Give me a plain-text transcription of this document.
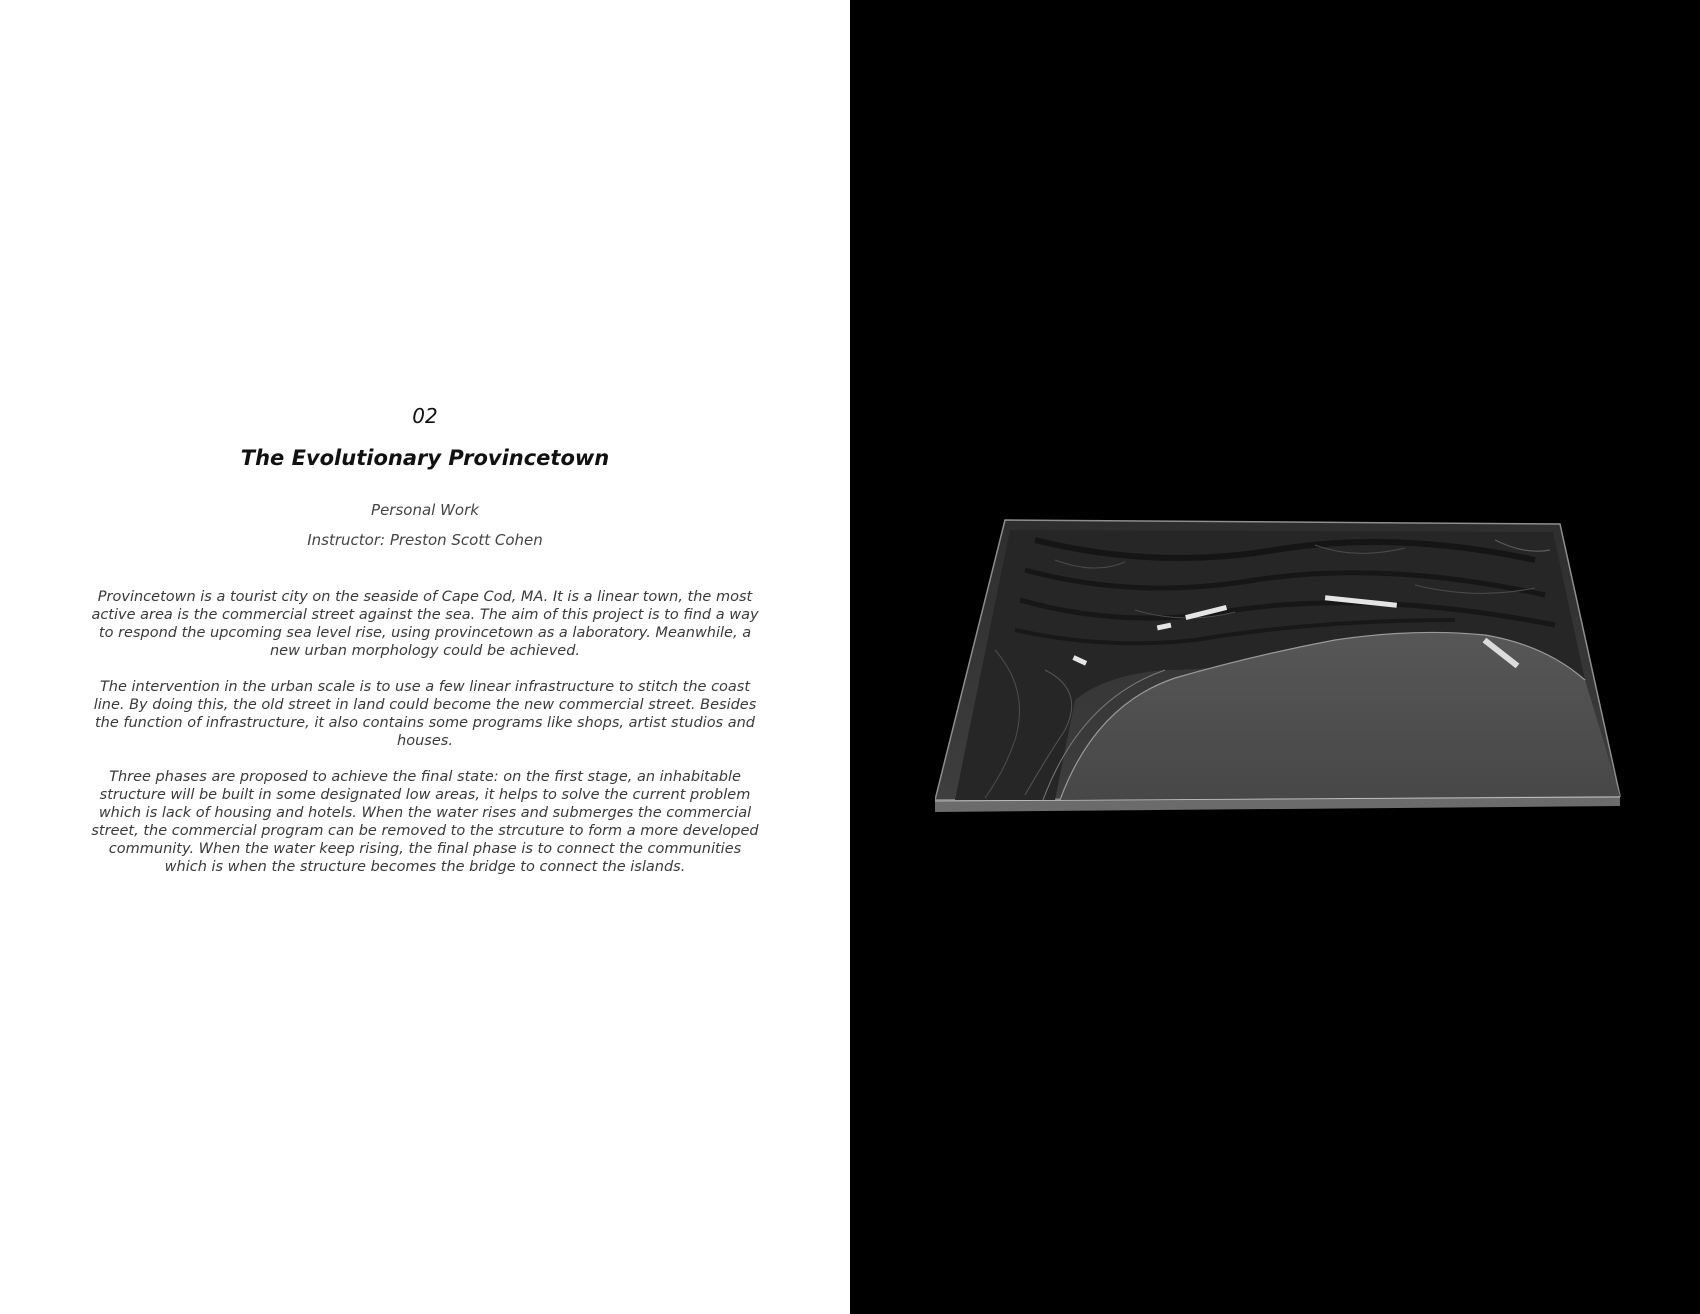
02

The Evolutionary Provincetown

Personal Work

Instructor: Preston Scott Cohen

Provincetown is a tourist city on the seaside of Cape Cod, MA. It is a linear town, the most active area is the commercial street against the sea. The aim of this project is to find a way to respond the upcoming sea level rise, using provincetown as a laboratory. Meanwhile, a new urban morphology could be achieved.

The intervention in the urban scale is to use a few linear infrastructure to stitch the coast line. By doing this, the old street in land could become the new commercial street. Besides the function of infrastructure, it also contains some programs like shops, artist studios and houses.

Three phases are proposed to achieve the final state: on the first stage, an inhabitable structure will be built in some designated low areas, it helps to solve the current problem which is lack of housing and hotels. When the water rises and submerges the commercial street, the commercial program can be removed to the strcuture to form a more developed community. When the water keep rising, the final phase is to connect the communities which is when the structure becomes the bridge to connect the islands.
